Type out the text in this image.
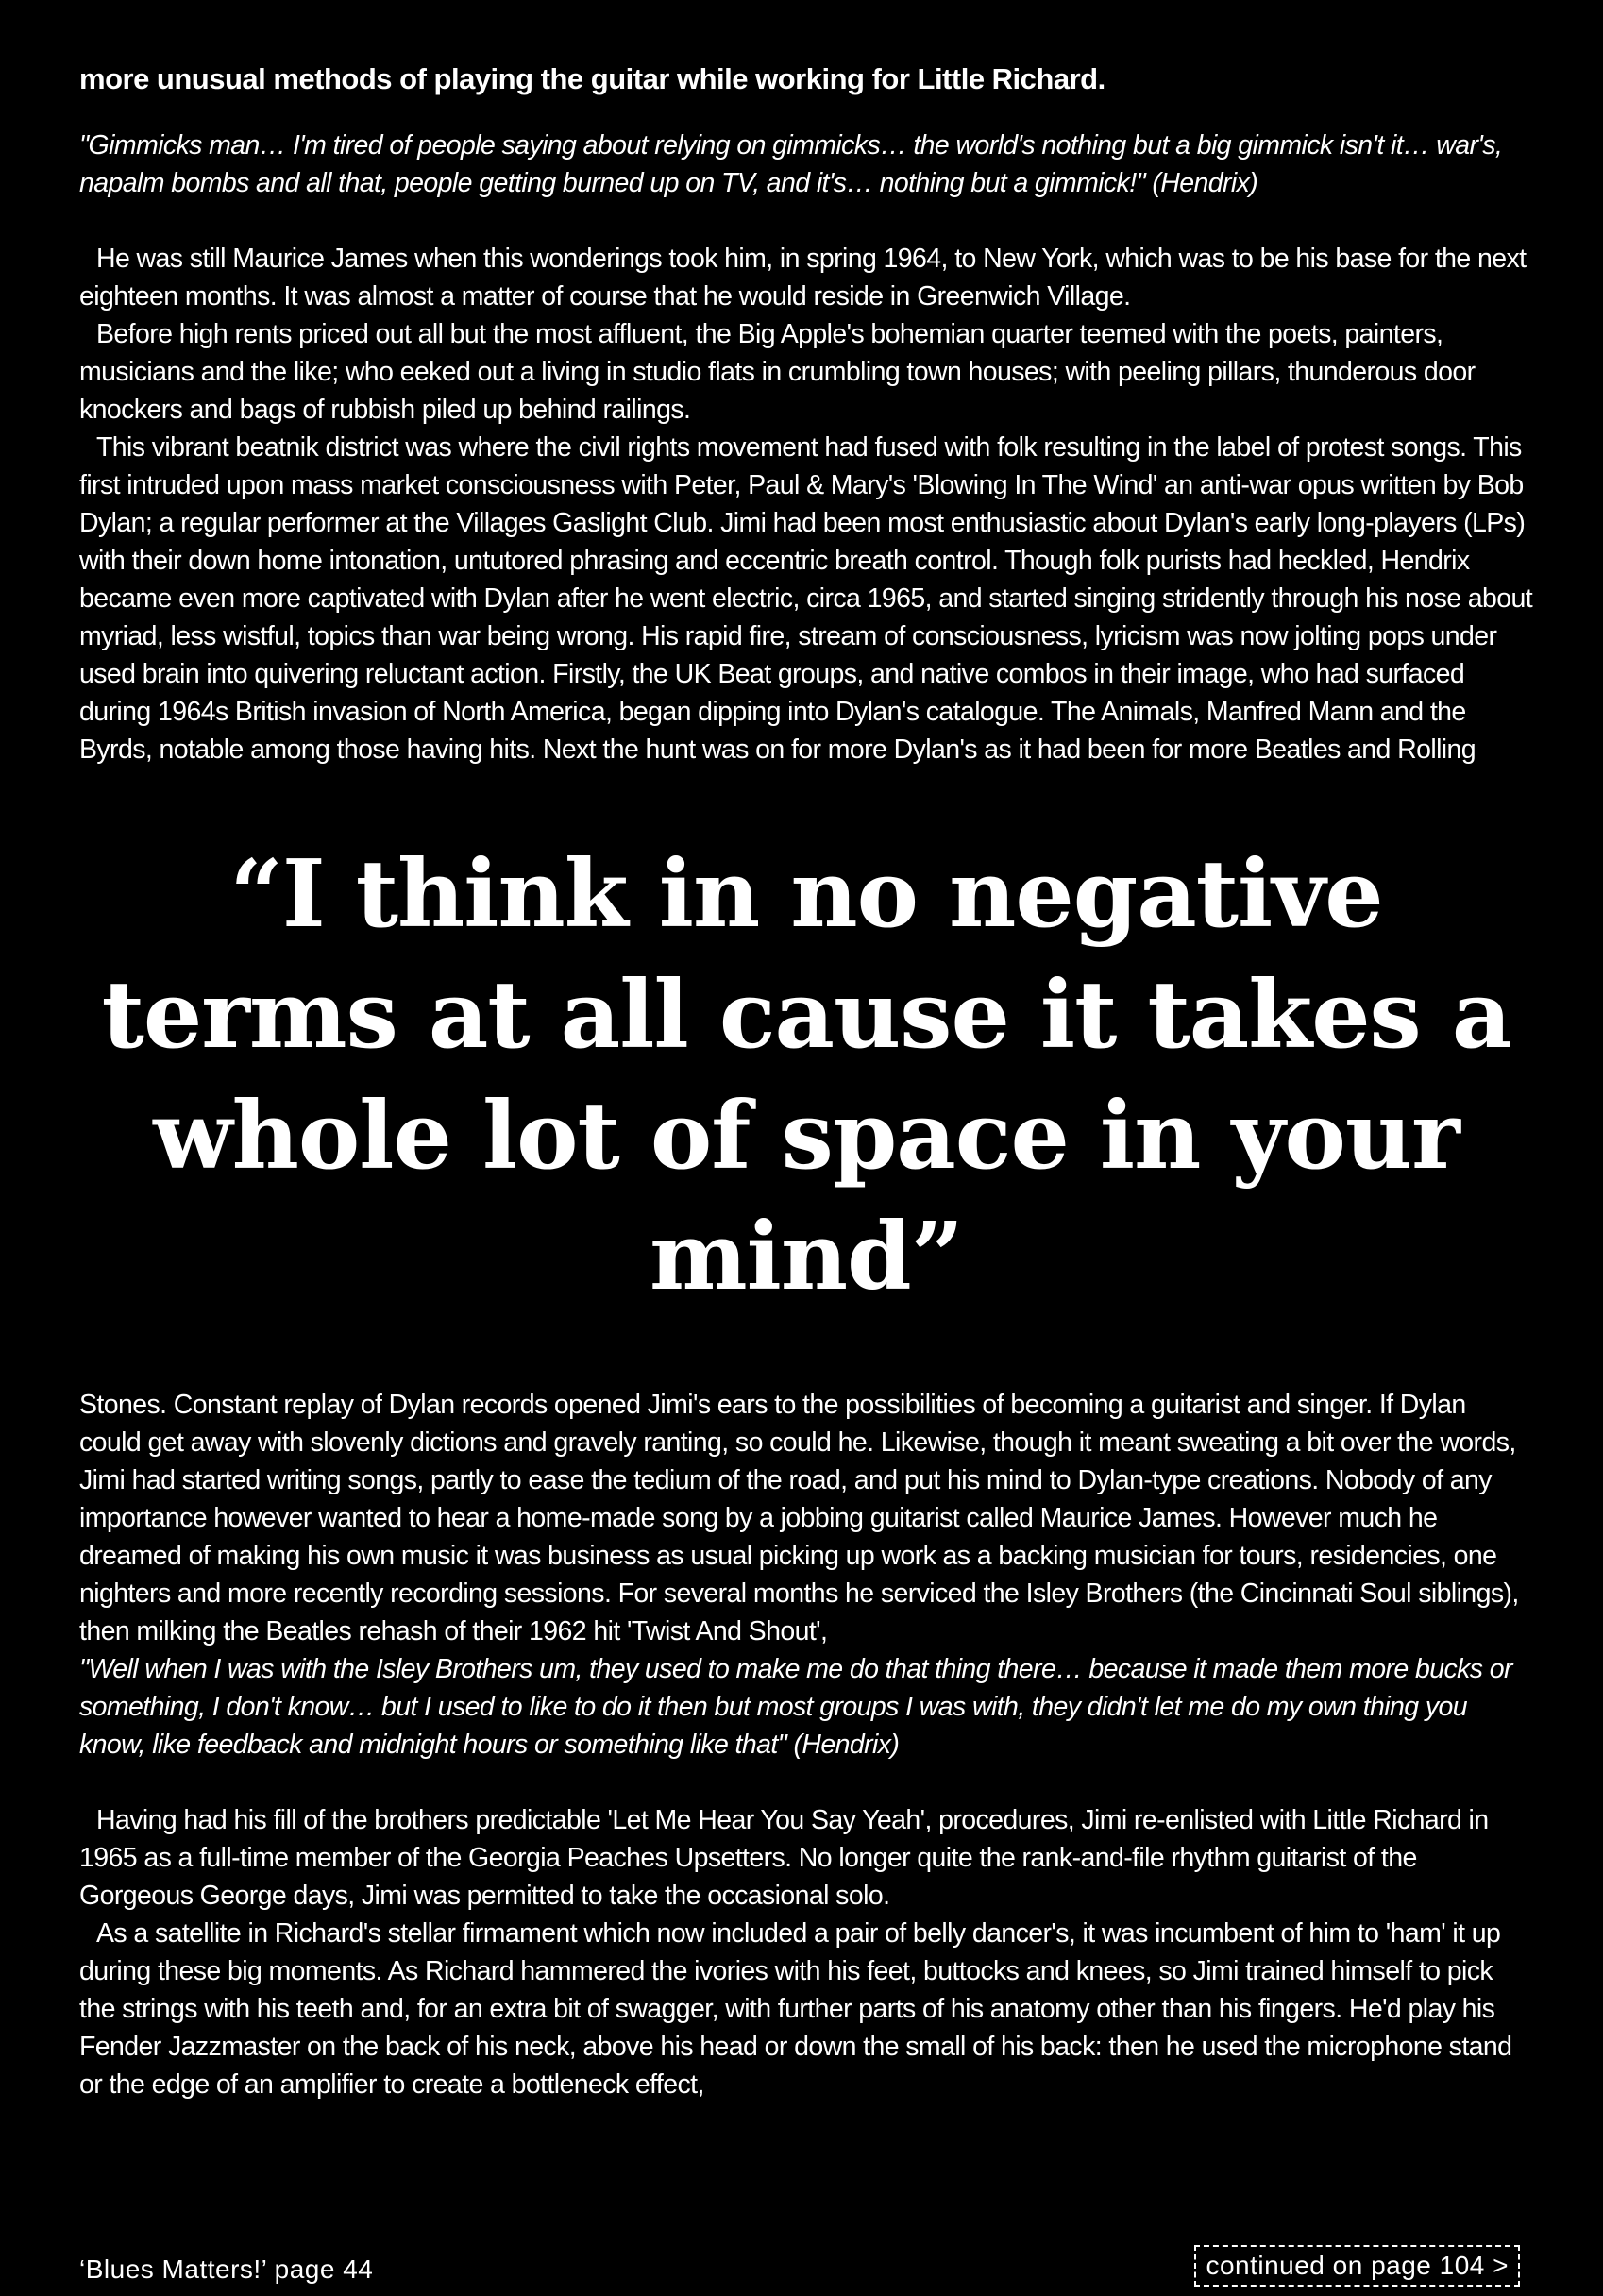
more unusual methods of playing the guitar while working for Little Richard.

"Gimmicks man… I'm tired of people saying about relying on gimmicks… the world's nothing but a big gimmick isn't it… war's, napalm bombs and all that, people getting burned up on TV, and it's… nothing but a gimmick!" (Hendrix)

He was still Maurice James when this wonderings took him, in spring 1964, to New York, which was to be his base for the next eighteen months. It was almost a matter of course that he would reside in Greenwich Village.

Before high rents priced out all but the most affluent, the Big Apple's bohemian quarter teemed with the poets, painters, musicians and the like; who eeked out a living in studio flats in crumbling town houses; with peeling pillars, thunderous door knockers and bags of rubbish piled up behind railings.

This vibrant beatnik district was where the civil rights movement had fused with folk resulting in the label of protest songs. This first intruded upon mass market consciousness with Peter, Paul & Mary's 'Blowing In The Wind' an anti-war opus written by Bob Dylan; a regular performer at the Villages Gaslight Club. Jimi had been most enthusiastic about Dylan's early long-players (LPs) with their down home intonation, untutored phrasing and eccentric breath control. Though folk purists had heckled, Hendrix became even more captivated with Dylan after he went electric, circa 1965, and started singing stridently through his nose about myriad, less wistful, topics than war being wrong. His rapid fire, stream of consciousness, lyricism was now jolting pops under used brain into quivering reluctant action. Firstly, the UK Beat groups, and native combos in their image, who had surfaced during 1964s British invasion of North America, began dipping into Dylan's catalogue. The Animals, Manfred Mann and the Byrds, notable among those having hits. Next the hunt was on for more Dylan's as it had been for more Beatles and Rolling

“I think in no negative terms at all cause it takes a whole lot of space in your mind”

Stones. Constant replay of Dylan records opened Jimi's ears to the possibilities of becoming a guitarist and singer. If Dylan could get away with slovenly dictions and gravely ranting, so could he. Likewise, though it meant sweating a bit over the words, Jimi had started writing songs, partly to ease the tedium of the road, and put his mind to Dylan-type creations. Nobody of any importance however wanted to hear a home-made song by a jobbing guitarist called Maurice James. However much he dreamed of making his own music it was business as usual picking up work as a backing musician for tours, residencies, one nighters and more recently recording sessions. For several months he serviced the Isley Brothers (the Cincinnati Soul siblings), then milking the Beatles rehash of their 1962 hit 'Twist And Shout',

"Well when I was with the Isley Brothers um, they used to make me do that thing there… because it made them more bucks or something, I don't know… but I used to like to do it then but most groups I was with, they didn't let me do my own thing you know, like feedback and midnight hours or something like that" (Hendrix)

Having had his fill of the brothers predictable 'Let Me Hear You Say Yeah', procedures, Jimi re-enlisted with Little Richard in 1965 as a full-time member of the Georgia Peaches Upsetters. No longer quite the rank-and-file rhythm guitarist of the Gorgeous George days, Jimi was permitted to take the occasional solo.

As a satellite in Richard's stellar firmament which now included a pair of belly dancer's, it was incumbent of him to 'ham' it up during these big moments. As Richard hammered the ivories with his feet, buttocks and knees, so Jimi trained himself to pick the strings with his teeth and, for an extra bit of swagger, with further parts of his anatomy other than his fingers. He'd play his Fender Jazzmaster on the back of his neck, above his head or down the small of his back: then he used the microphone stand or the edge of an amplifier to create a bottleneck effect,

‘Blues Matters!’ page 44	continued on page 104 >
